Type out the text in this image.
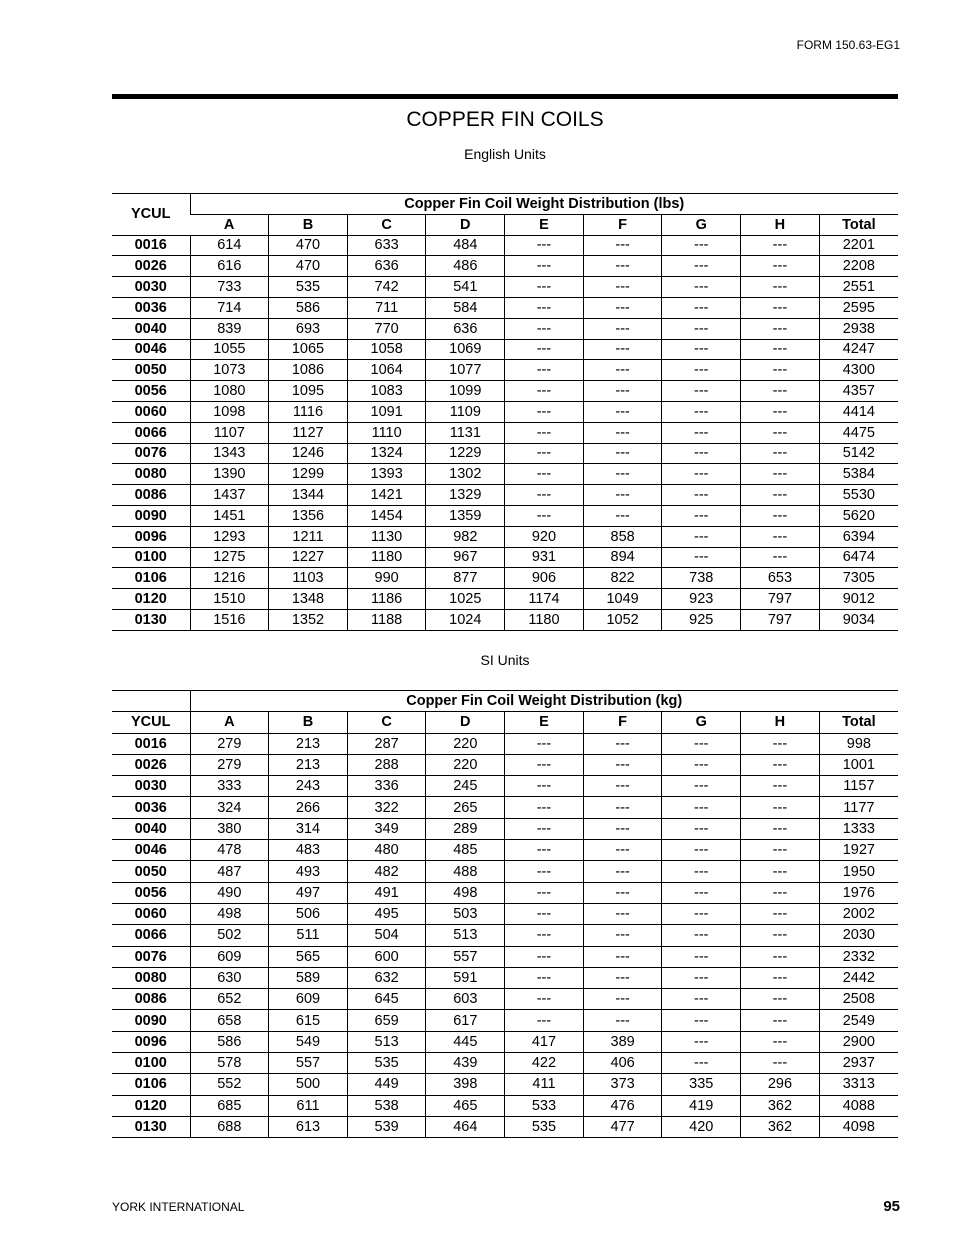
FORM 150.63-EG1
COPPER FIN COILS
English Units
YCUL	Copper Fin Coil Weight Distribution (lbs)								
	A	B	C	D	E	F	G	H	Total
0016	614	470	633	484	---	---	---	---	2201
0026	616	470	636	486	---	---	---	---	2208
0030	733	535	742	541	---	---	---	---	2551
0036	714	586	711	584	---	---	---	---	2595
0040	839	693	770	636	---	---	---	---	2938
0046	1055	1065	1058	1069	---	---	---	---	4247
0050	1073	1086	1064	1077	---	---	---	---	4300
0056	1080	1095	1083	1099	---	---	---	---	4357
0060	1098	1116	1091	1109	---	---	---	---	4414
0066	1107	1127	1110	1131	---	---	---	---	4475
0076	1343	1246	1324	1229	---	---	---	---	5142
0080	1390	1299	1393	1302	---	---	---	---	5384
0086	1437	1344	1421	1329	---	---	---	---	5530
0090	1451	1356	1454	1359	---	---	---	---	5620
0096	1293	1211	1130	982	920	858	---	---	6394
0100	1275	1227	1180	967	931	894	---	---	6474
0106	1216	1103	990	877	906	822	738	653	7305
0120	1510	1348	1186	1025	1174	1049	923	797	9012
0130	1516	1352	1188	1024	1180	1052	925	797	9034
SI Units
	Copper Fin Coil Weight Distribution (kg)								
YCUL	A	B	C	D	E	F	G	H	Total
0016	279	213	287	220	---	---	---	---	998
0026	279	213	288	220	---	---	---	---	1001
0030	333	243	336	245	---	---	---	---	1157
0036	324	266	322	265	---	---	---	---	1177
0040	380	314	349	289	---	---	---	---	1333
0046	478	483	480	485	---	---	---	---	1927
0050	487	493	482	488	---	---	---	---	1950
0056	490	497	491	498	---	---	---	---	1976
0060	498	506	495	503	---	---	---	---	2002
0066	502	511	504	513	---	---	---	---	2030
0076	609	565	600	557	---	---	---	---	2332
0080	630	589	632	591	---	---	---	---	2442
0086	652	609	645	603	---	---	---	---	2508
0090	658	615	659	617	---	---	---	---	2549
0096	586	549	513	445	417	389	---	---	2900
0100	578	557	535	439	422	406	---	---	2937
0106	552	500	449	398	411	373	335	296	3313
0120	685	611	538	465	533	476	419	362	4088
0130	688	613	539	464	535	477	420	362	4098
YORK INTERNATIONAL	95
